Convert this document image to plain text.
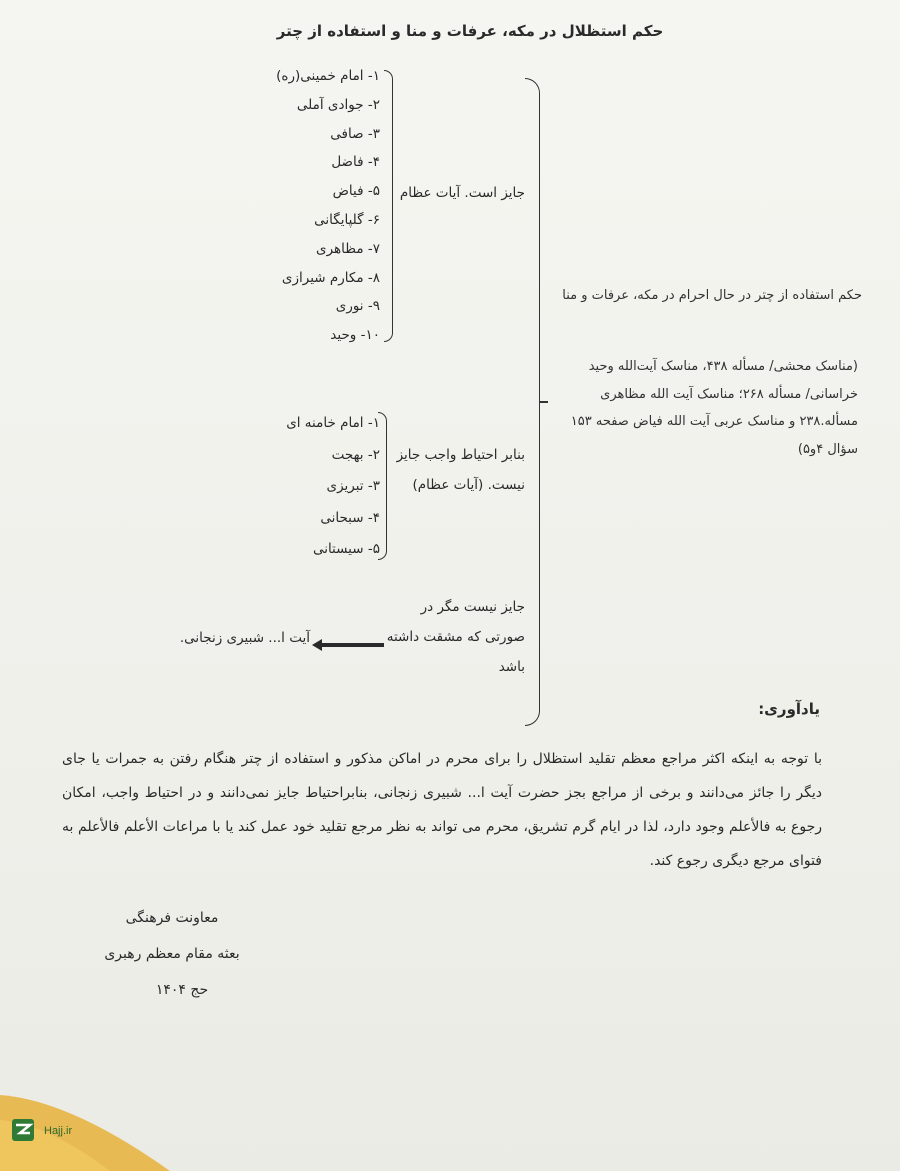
حکم استظلال در مکه، عرفات و منا و استفاده از چتر
۱- امام خمینی(ره)
۲- جوادی آملی
۳- صافی
۴- فاضل
۵- فیاض
۶- گلپایگانی
۷- مظاهری
۸- مکارم شیرازی
۹- نوری
۱۰- وحید
جایز است. آیات عظام
۱- امام خامنه ای
۲- بهجت
۳- تبریزی
۴- سبحانی
۵- سیستانی
بنابر احتیاط واجب جایز نیست. (آیات عظام)
جایز نیست مگر در صورتی که مشقت داشته باشد
آیت ا... شبیری زنجانی.
حکم استفاده از چتر در حال احرام در مکه، عرفات و منا
(مناسک محشی/ مسأله ۴۳۸، مناسک آیت‌الله وحید خراسانی/ مسأله ۲۶۸؛ مناسک آیت الله مظاهری مسأله.۲۳۸ و مناسک عربی آیت الله فیاض صفحه ۱۵۳ سؤال ۴و۵)
یادآوری:
با توجه به اینکه اکثر مراجع معظم تقلید استظلال را برای محرم در اماکن مذکور و استفاده از چتر هنگام رفتن به جمرات یا جای دیگر را جائز می‌دانند و برخی از مراجع بجز حضرت آیت ا... شبیری زنجانی، بنابراحتیاط جایز نمی‌دانند و در احتیاط واجب، امکان رجوع به فالأعلم وجود دارد، لذا در ایام گرم تشریق، محرم می تواند به نظر مرجع تقلید خود عمل کند یا با مراعات الأعلم فالأعلم به فتوای مرجع دیگری رجوع کند.
معاونت فرهنگی
بعثه مقام معظم رهبری
حج ۱۴۰۴
Hajj.ir
